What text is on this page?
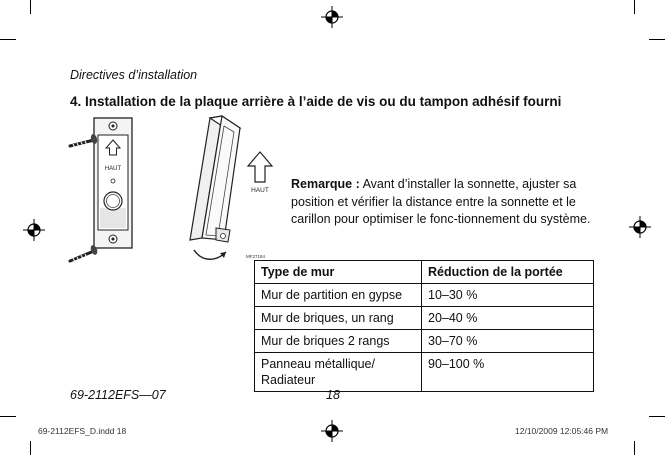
Directives d’installation
4. Installation de la plaque arrière à l’aide de vis ou du tampon adhésif fourni
HAUT
HAUT
MF27184
Remarque : Avant d’installer la sonnette, ajuster sa position et vérifier la distance entre la sonnette et le carillon pour optimiser le fonc-tionnement du système.
Type de mur	Réduction de la portée
Mur de partition en gypse	10–30 %
Mur de briques, un rang	20–40 %
Mur de briques 2 rangs	30–70 %
Panneau métallique/ Radiateur	90–100 %
69-2112EFS—07	18
69-2112EFS_D.indd 18	12/10/2009 12:05:46 PM
